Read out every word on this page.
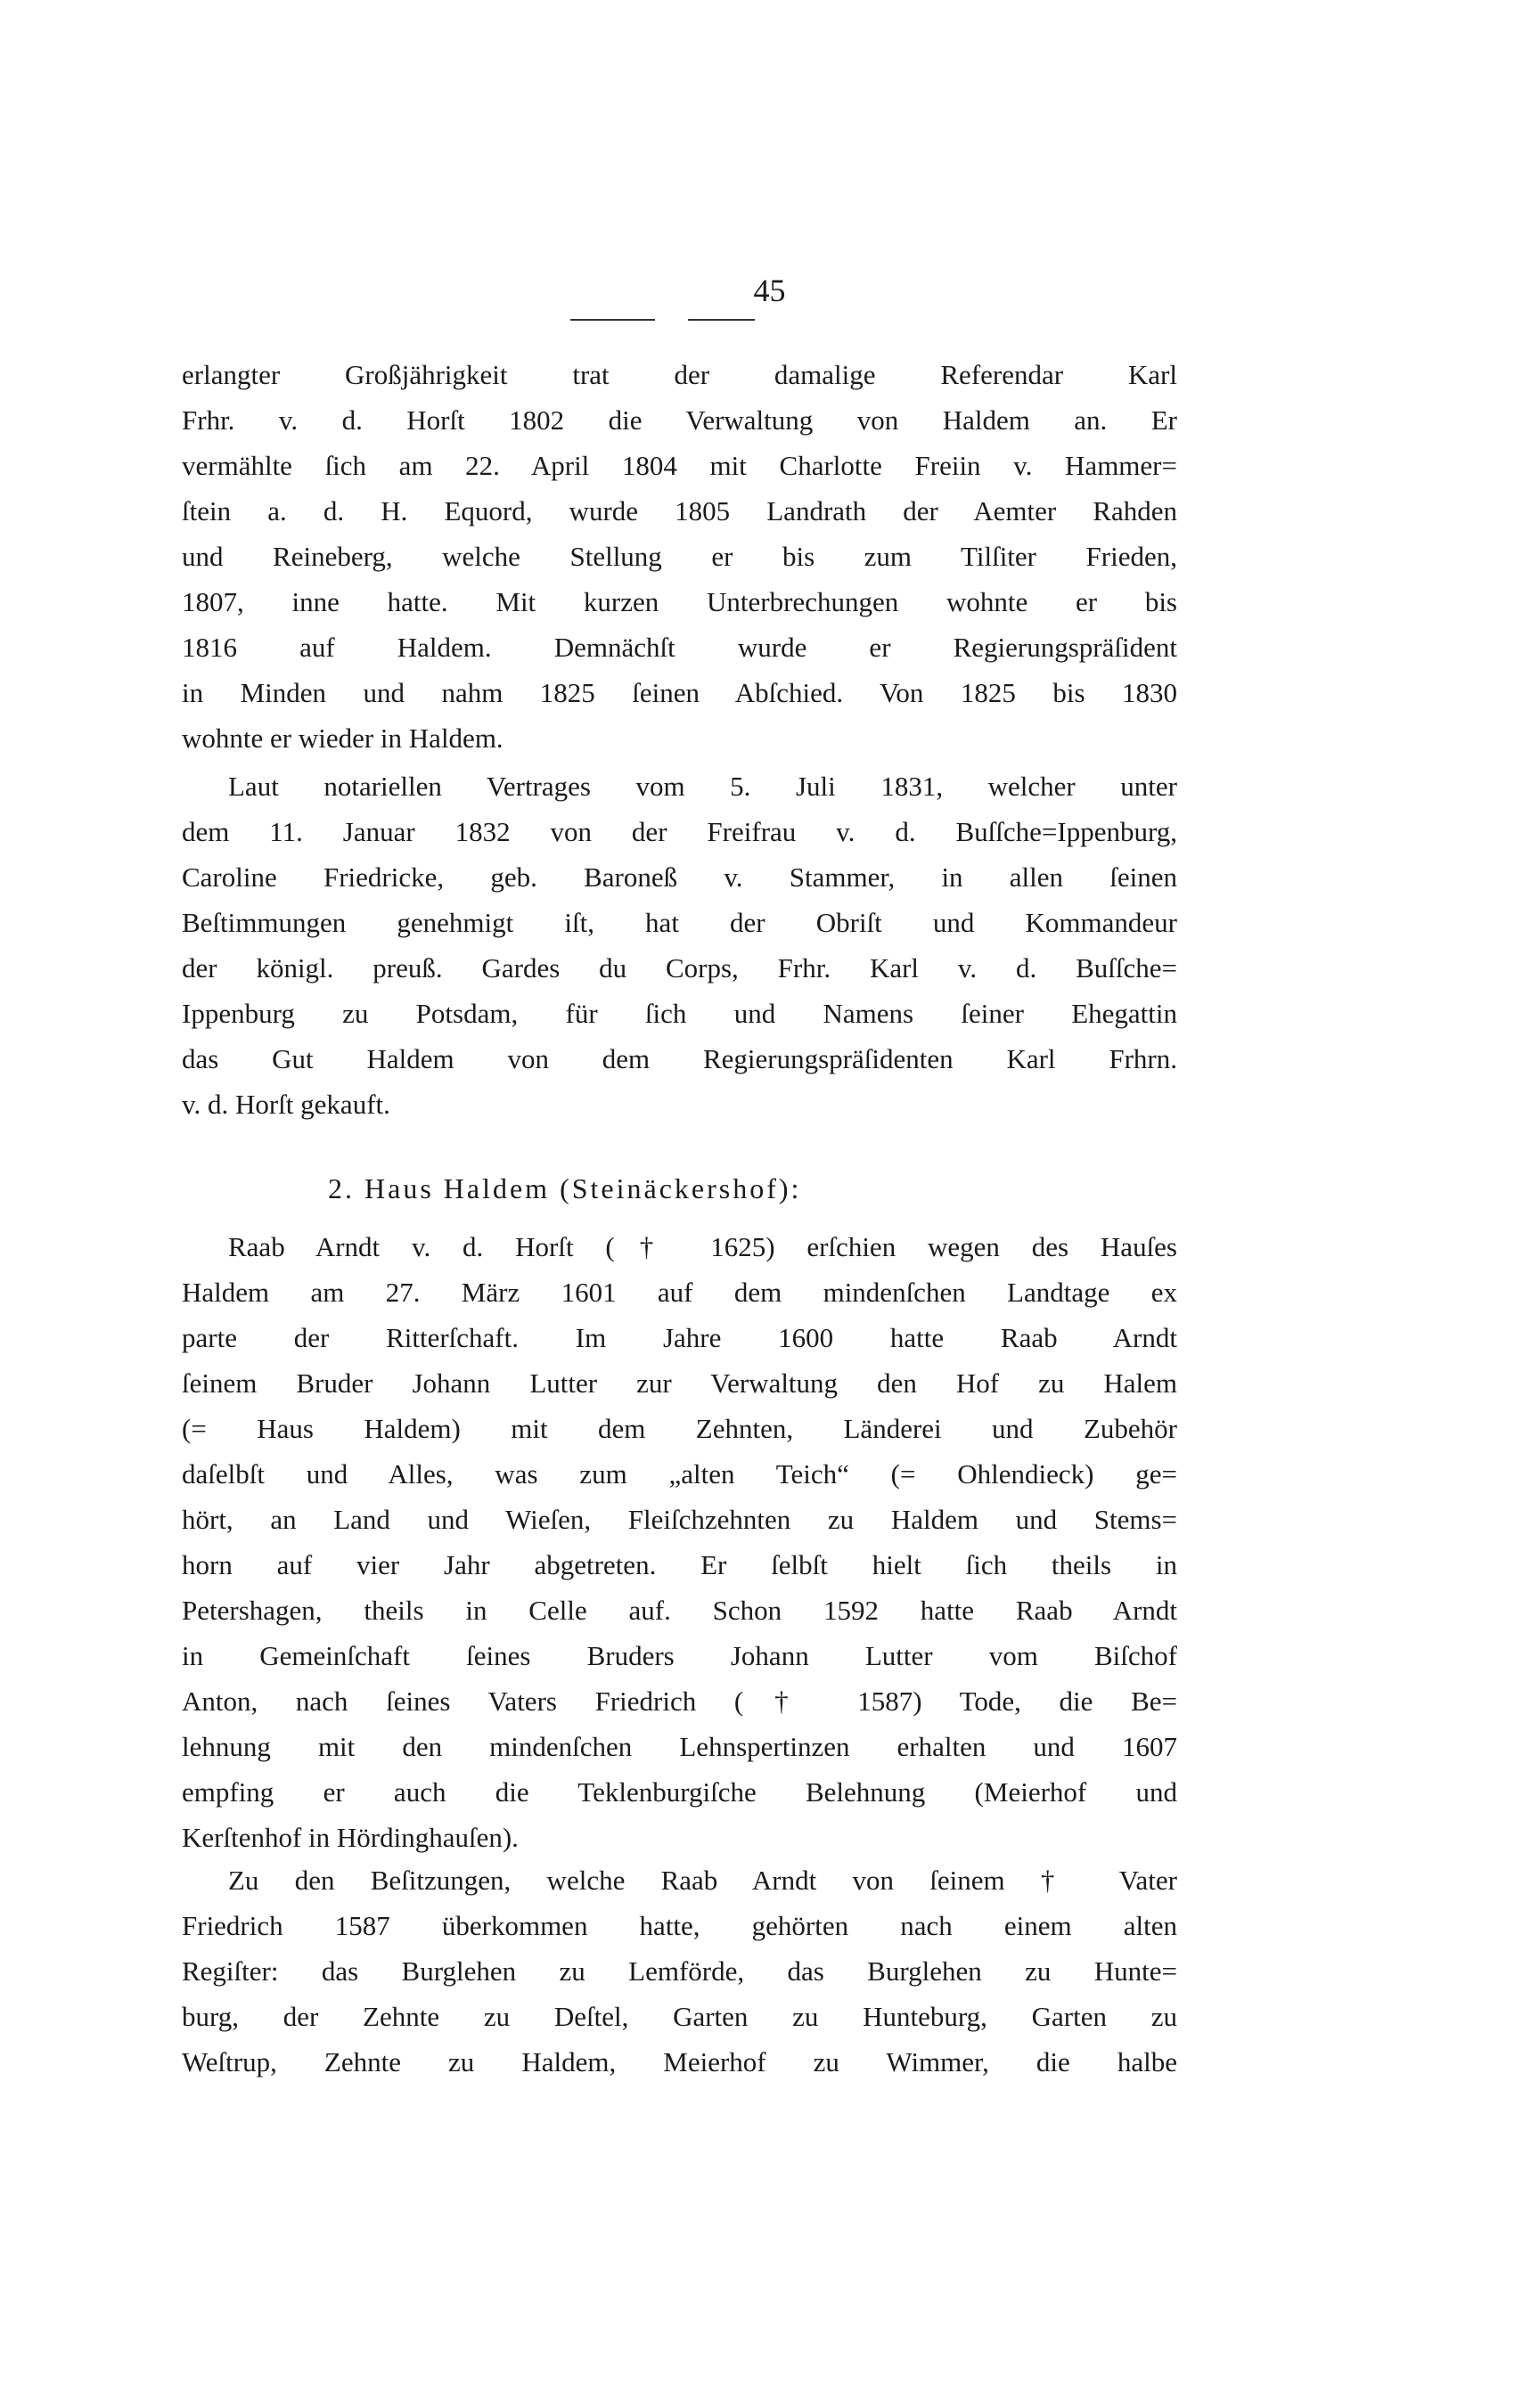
45
erlangter Großjährigkeit trat der damalige Referendar Karl
Frhr. v. d. Horſt 1802 die Verwaltung von Haldem an. Er
vermählte ſich am 22. April 1804 mit Charlotte Freiin v. Hammer=
ſtein a. d. H. Equord, wurde 1805 Landrath der Aemter Rahden
und Reineberg, welche Stellung er bis zum Tilſiter Frieden,
1807, inne hatte. Mit kurzen Unterbrechungen wohnte er bis
1816 auf Haldem. Demnächſt wurde er Regierungspräſident
in Minden und nahm 1825 ſeinen Abſchied. Von 1825 bis 1830
wohnte er wieder in Haldem.
Laut notariellen Vertrages vom 5. Juli 1831, welcher unter
dem 11. Januar 1832 von der Freifrau v. d. Buſſche=Ippenburg,
Caroline Friedricke, geb. Baroneß v. Stammer, in allen ſeinen
Beſtimmungen genehmigt iſt, hat der Obriſt und Kommandeur
der königl. preuß. Gardes du Corps, Frhr. Karl v. d. Buſſche=
Ippenburg zu Potsdam, für ſich und Namens ſeiner Ehegattin
das Gut Haldem von dem Regierungspräſidenten Karl Frhrn.
v. d. Horſt gekauft.
2. Haus Haldem (Steinäckershof):
Raab Arndt v. d. Horſt († 1625) erſchien wegen des Hauſes
Haldem am 27. März 1601 auf dem mindenſchen Landtage ex
parte der Ritterſchaft. Im Jahre 1600 hatte Raab Arndt
ſeinem Bruder Johann Lutter zur Verwaltung den Hof zu Halem
(= Haus Haldem) mit dem Zehnten, Länderei und Zubehör
daſelbſt und Alles, was zum „alten Teich“ (= Ohlendieck) ge=
hört, an Land und Wieſen, Fleiſchzehnten zu Haldem und Stems=
horn auf vier Jahr abgetreten. Er ſelbſt hielt ſich theils in
Petershagen, theils in Celle auf. Schon 1592 hatte Raab Arndt
in Gemeinſchaft ſeines Bruders Johann Lutter vom Biſchof
Anton, nach ſeines Vaters Friedrich († 1587) Tode, die Be=
lehnung mit den mindenſchen Lehnspertinzen erhalten und 1607
empfing er auch die Teklenburgiſche Belehnung (Meierhof und
Kerſtenhof in Hördinghauſen).
Zu den Beſitzungen, welche Raab Arndt von ſeinem † Vater
Friedrich 1587 überkommen hatte, gehörten nach einem alten
Regiſter: das Burglehen zu Lemförde, das Burglehen zu Hunte=
burg, der Zehnte zu Deſtel, Garten zu Hunteburg, Garten zu
Weſtrup, Zehnte zu Haldem, Meierhof zu Wimmer, die halbe
